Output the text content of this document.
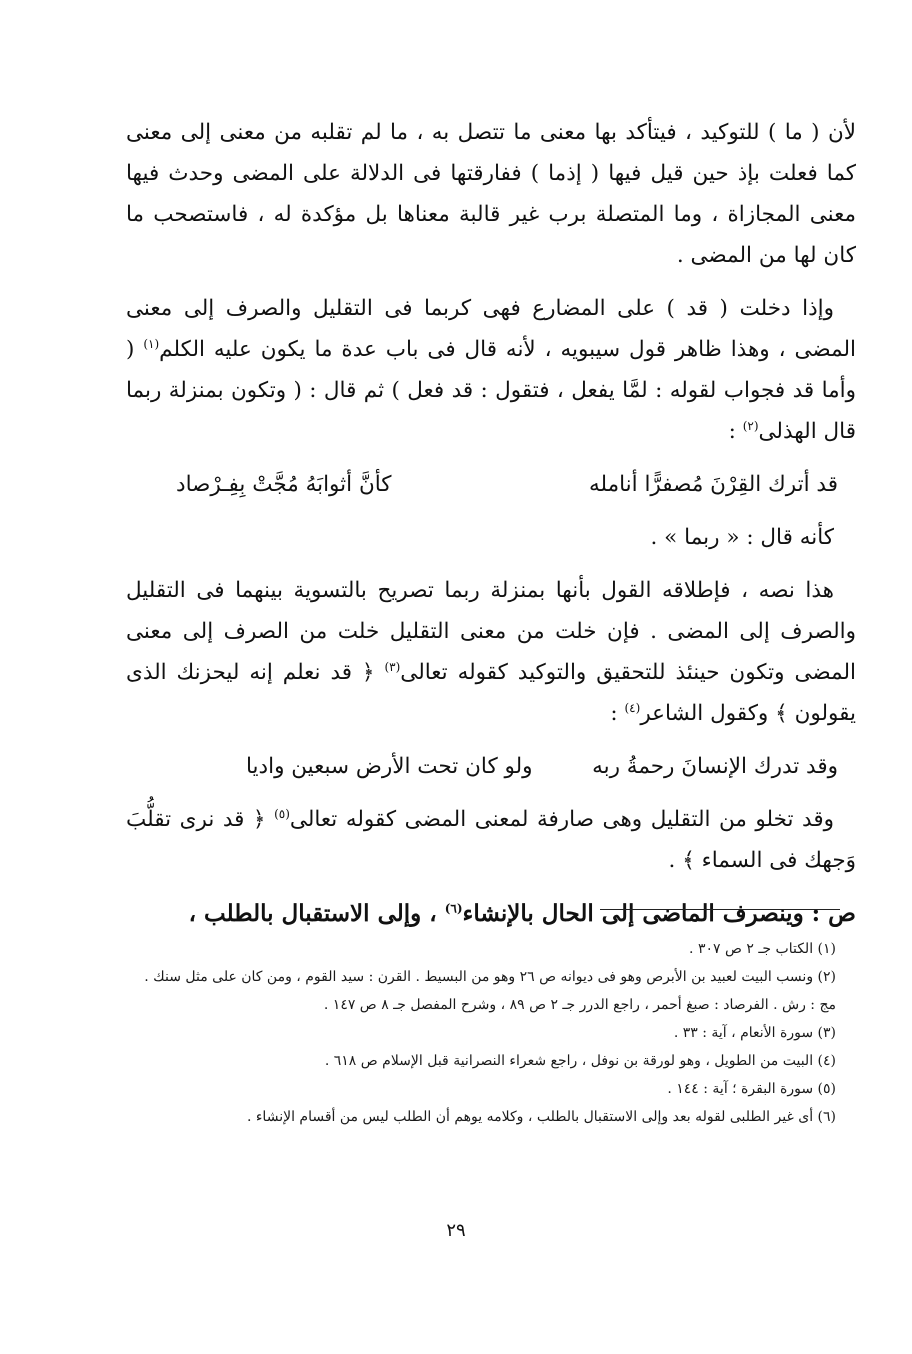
لأن ( ما ) للتوكيد ، فيتأكد بها معنى ما تتصل به ، ما لم تقلبه من معنى إلى معنى كما فعلت بإذ حين قيل فيها ( إذما ) ففارقتها فى الدلالة على المضى وحدث فيها معنى المجازاة ، وما المتصلة برب غير قالبة معناها بل مؤكدة له ، فاستصحب ما كان لها من المضى .

وإذا دخلت ( قد ) على المضارع فهى كربما فى التقليل والصرف إلى معنى المضى ، وهذا ظاهر قول سيبويه ، لأنه قال فى باب عدة ما يكون عليه الكلم$^{(١)}$ ( وأما قد فجواب لقوله : لمَّا يفعل ، فتقول : قد فعل ) ثم قال : ( وتكون بمنزلة ربما قال الهذلى$^{(٢)}$ :

قد أترك القِرْنَ مُصفرًّا أنامله
كأنَّ أثوابَهُ مُجَّتْ بِفِـرْصاد

كأنه قال : « ربما » .

هذا نصه ، فإطلاقه القول بأنها بمنزلة ربما تصريح بالتسوية بينهما فى التقليل والصرف إلى المضى . فإن خلت من معنى التقليل خلت من الصرف إلى معنى المضى وتكون حينئذ للتحقيق والتوكيد كقوله تعالى$^{(٣)}$ ﴿ قد نعلم إنه ليحزنك الذى يقولون ﴾ وكقول الشاعر$^{(٤)}$ :

وقد تدرك الإنسانَ رحمةُ ربه
ولو كان تحت الأرض سبعين واديا

وقد تخلو من التقليل وهى صارفة لمعنى المضى كقوله تعالى$^{(٥)}$ ﴿ قد نرى تقلُّبَ وَجهك فى السماء ﴾ .

ص : وينصرف الماضى إلى الحال بالإنشاء$^{(٦)}$ ، وإلى الاستقبال بالطلب ،

(١) الكتاب جـ ٢ ص ٣٠٧ .

(٢) ونسب البيت لعبيد بن الأبرص وهو فى ديوانه ص ٢٦ وهو من البسيط . القرن : سيد القوم ، ومن كان على مثل سنك . مج : رش . الفرصاد : صبغ أحمر ، راجع الدرر جـ ٢ ص ٨٩ ، وشرح المفصل جـ ٨ ص ١٤٧ .

(٣) سورة الأنعام ، آية : ٣٣ .

(٤) البيت من الطويل ، وهو لورقة بن نوفل ، راجع شعراء النصرانية قبل الإسلام ص ٦١٨ .

(٥) سورة البقرة ؛ آية : ١٤٤ .

(٦) أى غير الطلبى لقوله بعد وإلى الاستقبال بالطلب ، وكلامه يوهم أن الطلب ليس من أقسام الإنشاء .

٢٩
